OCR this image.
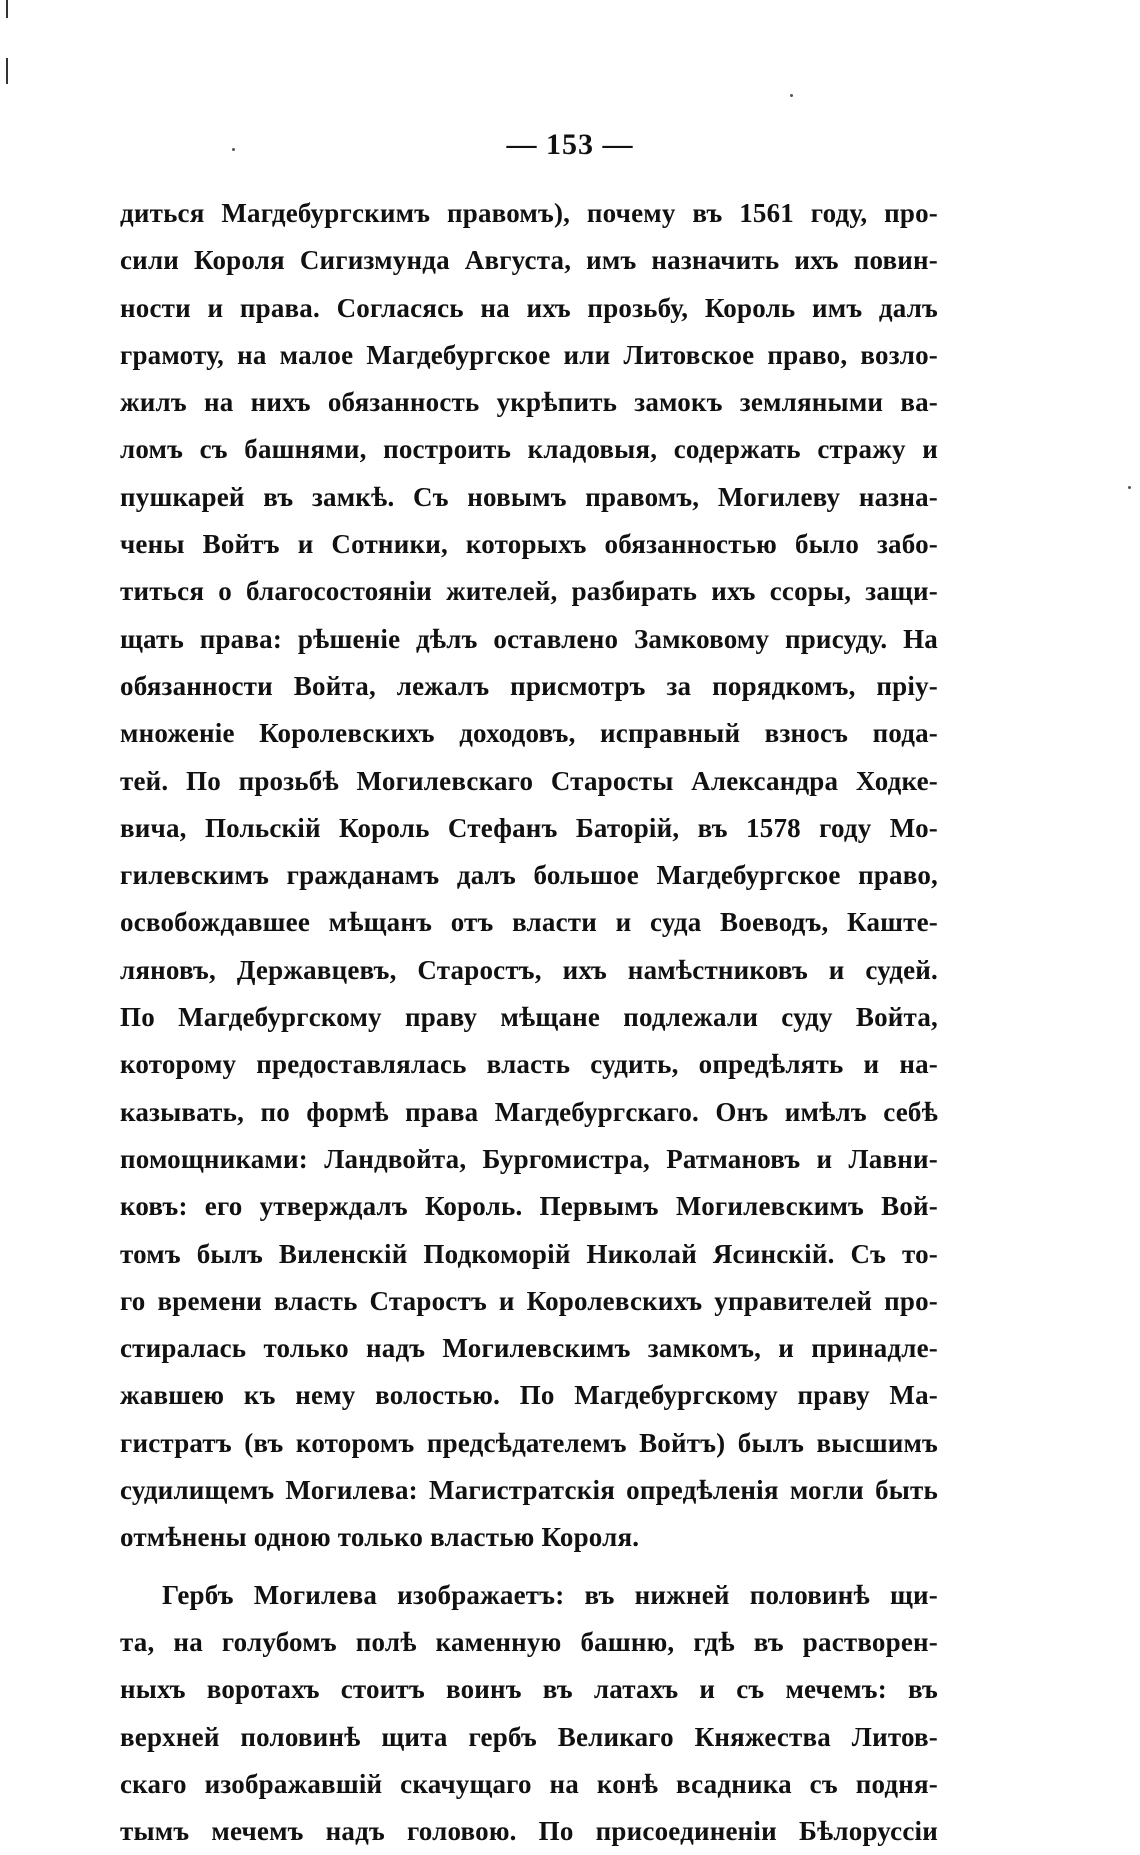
— 153 —
диться Магдебургскимъ правомъ), почему въ 1561 году, про-
сили Короля Сигизмунда Августа, имъ назначить ихъ повин-
ности и права. Согласясь на ихъ прозьбу, Король имъ далъ
грамоту, на малое Магдебургское или Литовское право, возло-
жилъ на нихъ обязанность укрѣпить замокъ земляными ва-
ломъ съ башнями, построить кладовыя, содержать стражу и
пушкарей въ замкѣ. Съ новымъ правомъ, Могилеву назна-
чены Войтъ и Сотники, которыхъ обязанностью было забо-
титься о благосостояніи жителей, разбирать ихъ ссоры, защи-
щать права: рѣшеніе дѣлъ оставлено Замковому присуду. На
обязанности Войта, лежалъ присмотръ за порядкомъ, пріу-
множеніе Королевскихъ доходовъ, исправный взносъ пода-
тей. По прозьбѣ Могилевскаго Старосты Александра Ходке-
вича, Польскій Король Стефанъ Баторій, въ 1578 году Мо-
гилевскимъ гражданамъ далъ большое Магдебургское право,
освобождавшее мѣщанъ отъ власти и суда Воеводъ, Каште-
ляновъ, Державцевъ, Старостъ, ихъ намѣстниковъ и судей.
По Магдебургскому праву мѣщане подлежали суду Войта,
которому предоставлялась власть судить, опредѣлять и на-
казывать, по формѣ права Магдебургскаго. Онъ имѣлъ себѣ
помощниками: Ландвойта, Бургомистра, Ратмановъ и Лавни-
ковъ: его утверждалъ Король. Первымъ Могилевскимъ Вой-
томъ былъ Виленскій Подкоморій Николай Ясинскій. Съ то-
го времени власть Старостъ и Королевскихъ управителей про-
стиралась только надъ Могилевскимъ замкомъ, и принадле-
жавшею къ нему волостью. По Магдебургскому праву Ма-
гистратъ (въ которомъ предсѣдателемъ Войтъ) былъ высшимъ
судилищемъ Могилева: Магистратскія опредѣленія могли быть
отмѣнены одною только властью Короля.
Гербъ Могилева изображаетъ: въ нижней половинѣ щи-
та, на голубомъ полѣ каменную башню, гдѣ въ растворен-
ныхъ воротахъ стоитъ воинъ въ латахъ и съ мечемъ: въ
верхней половинѣ щита гербъ Великаго Княжества Литов-
скаго изображавшій скачущаго на конѣ всадника съ подня-
тымъ мечемъ надъ головою. По присоединеніи Бѣлоруссіи
